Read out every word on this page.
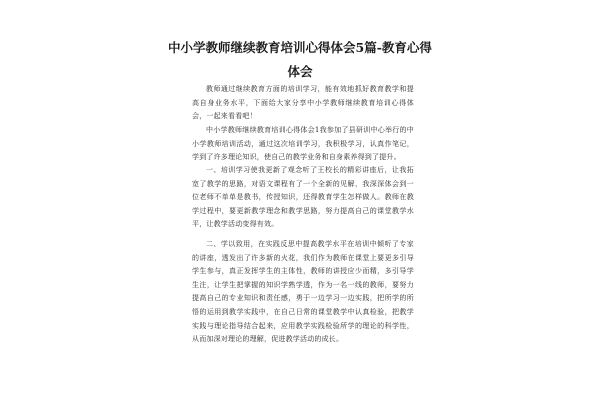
中小学教师继续教育培训心得体会5篇-教育心得
体会
教师通过继续教育方面的培训学习，能有效地抓好教育教学和提高自身业务水平，下面给大家分享中小学教师继续教育培训心得体会，一起来看看吧！
中小学教师继续教育培训心得体会1我参加了县研训中心举行的中小学教师培训活动，通过这次培训学习，我积极学习，认真作笔记，学到了许多理论知识，使自己的教学业务和自身素养得到了提升。
一、培训学习使我更新了观念听了王校长的精彩讲座后，让我拓宽了教学的思路，对语文课程有了一个全新的见解，我深深体会到一位老师不单单是教书，传授知识，还得教育学生怎样做人。教师在教学过程中，要更新教学理念和教学思路，努力提高自己的课堂教学水平，让教学活动变得有效。
二、学以致用，在实践反思中提高教学水平在培训中倾听了专家的讲座，透发出了许多新的火花，我们作为教师在课堂上要更多引导学生参与，真正发挥学生的主体性，教师的讲授应少而精，多引导学生注，让学生把掌握的知识学熟学透，作为一名一线的教师，要努力提高自己的专业知识和责任感，勇于一边学习一边实践，把所学的所悟的运用到教学实践中，在自己日常的课堂教学中认真检验，把教学实践与理论指导结合起来，应用教学实践检验所学的理论的科学性，从而加深对理论的理解，促进教学活动的成长。
